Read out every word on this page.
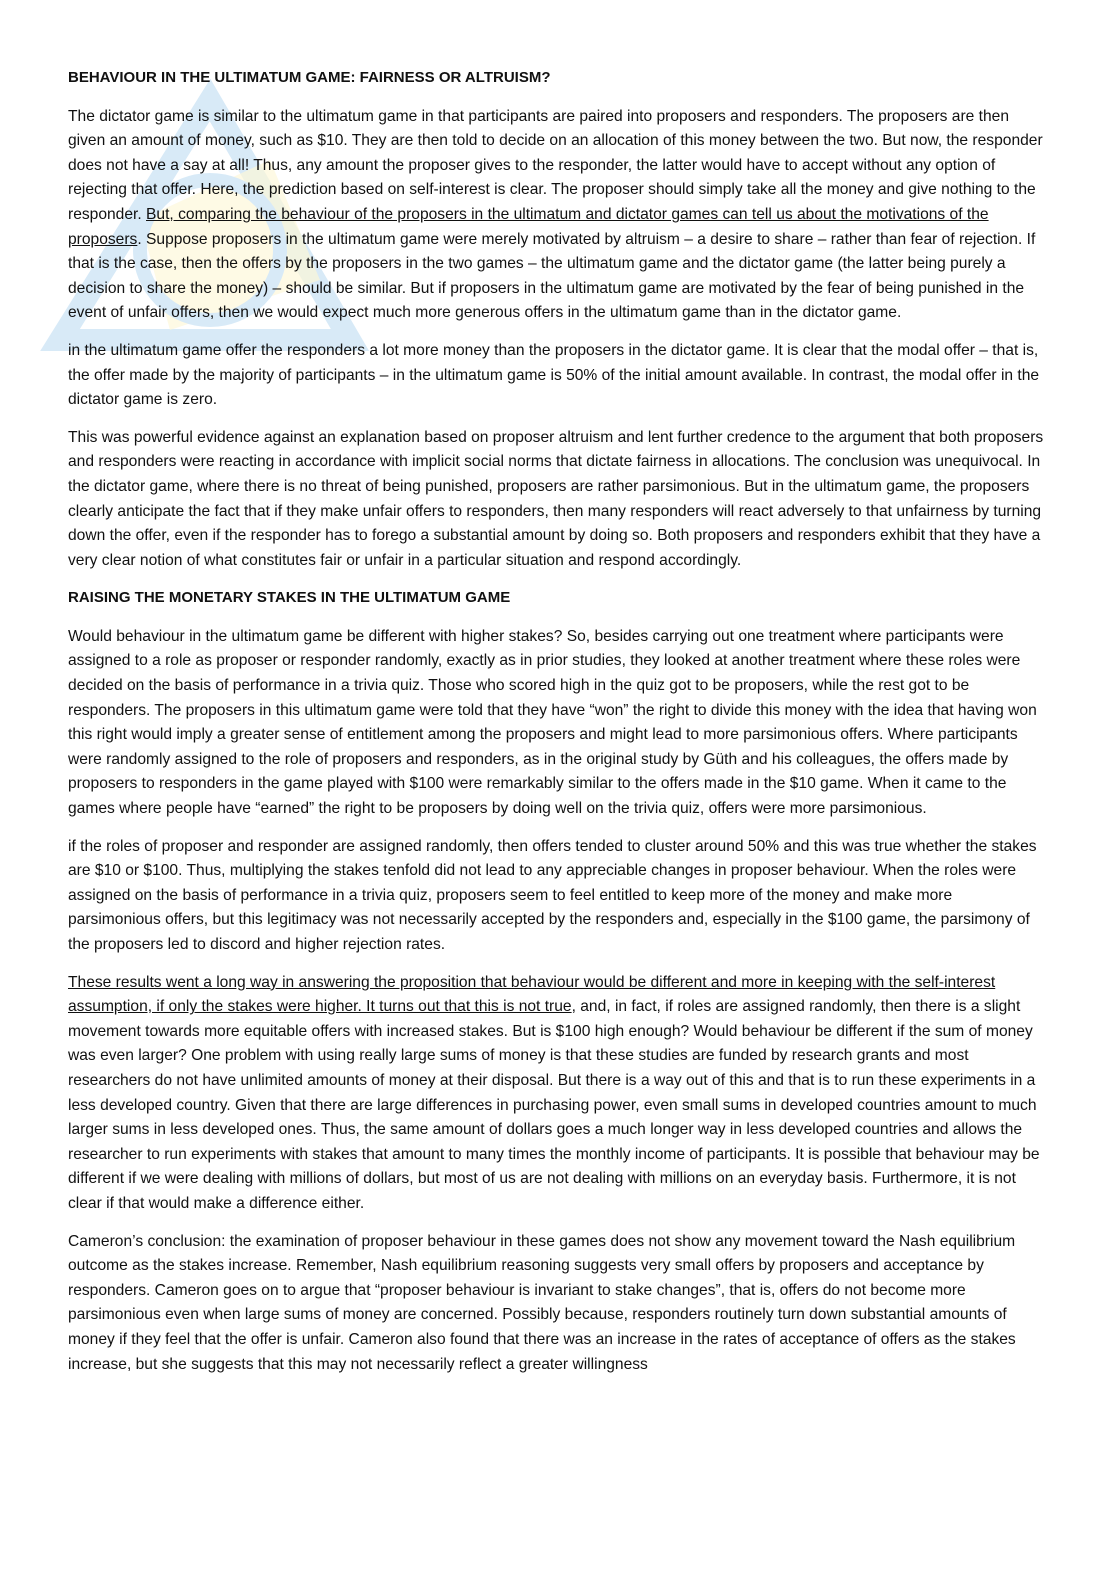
BEHAVIOUR IN THE ULTIMATUM GAME: FAIRNESS OR ALTRUISM?

The dictator game is similar to the ultimatum game in that participants are paired into proposers and responders. The proposers are then given an amount of money, such as $10. They are then told to decide on an allocation of this money between the two. But now, the responder does not have a say at all! Thus, any amount the proposer gives to the responder, the latter would have to accept without any option of rejecting that offer. Here, the prediction based on self-interest is clear. The proposer should simply take all the money and give nothing to the responder. But, comparing the behaviour of the proposers in the ultimatum and dictator games can tell us about the motivations of the proposers. Suppose proposers in the ultimatum game were merely motivated by altruism – a desire to share – rather than fear of rejection. If that is the case, then the offers by the proposers in the two games – the ultimatum game and the dictator game (the latter being purely a decision to share the money) – should be similar. But if proposers in the ultimatum game are motivated by the fear of being punished in the event of unfair offers, then we would expect much more generous offers in the ultimatum game than in the dictator game.

in the ultimatum game offer the responders a lot more money than the proposers in the dictator game. It is clear that the modal offer – that is, the offer made by the majority of participants – in the ultimatum game is 50% of the initial amount available. In contrast, the modal offer in the dictator game is zero.

This was powerful evidence against an explanation based on proposer altruism and lent further credence to the argument that both proposers and responders were reacting in accordance with implicit social norms that dictate fairness in allocations. The conclusion was unequivocal. In the dictator game, where there is no threat of being punished, proposers are rather parsimonious. But in the ultimatum game, the proposers clearly anticipate the fact that if they make unfair offers to responders, then many responders will react adversely to that unfairness by turning down the offer, even if the responder has to forego a substantial amount by doing so. Both proposers and responders exhibit that they have a very clear notion of what constitutes fair or unfair in a particular situation and respond accordingly.

RAISING THE MONETARY STAKES IN THE ULTIMATUM GAME

Would behaviour in the ultimatum game be different with higher stakes? So, besides carrying out one treatment where participants were assigned to a role as proposer or responder randomly, exactly as in prior studies, they looked at another treatment where these roles were decided on the basis of performance in a trivia quiz. Those who scored high in the quiz got to be proposers, while the rest got to be responders. The proposers in this ultimatum game were told that they have “won” the right to divide this money with the idea that having won this right would imply a greater sense of entitlement among the proposers and might lead to more parsimonious offers. Where participants were randomly assigned to the role of proposers and responders, as in the original study by Güth and his colleagues, the offers made by proposers to responders in the game played with $100 were remarkably similar to the offers made in the $10 game. When it came to the games where people have “earned” the right to be proposers by doing well on the trivia quiz, offers were more parsimonious.

if the roles of proposer and responder are assigned randomly, then offers tended to cluster around 50% and this was true whether the stakes are $10 or $100. Thus, multiplying the stakes tenfold did not lead to any appreciable changes in proposer behaviour. When the roles were assigned on the basis of performance in a trivia quiz, proposers seem to feel entitled to keep more of the money and make more parsimonious offers, but this legitimacy was not necessarily accepted by the responders and, especially in the $100 game, the parsimony of the proposers led to discord and higher rejection rates.

These results went a long way in answering the proposition that behaviour would be different and more in keeping with the self-interest assumption, if only the stakes were higher. It turns out that this is not true, and, in fact, if roles are assigned randomly, then there is a slight movement towards more equitable offers with increased stakes. But is $100 high enough? Would behaviour be different if the sum of money was even larger? One problem with using really large sums of money is that these studies are funded by research grants and most researchers do not have unlimited amounts of money at their disposal. But there is a way out of this and that is to run these experiments in a less developed country. Given that there are large differences in purchasing power, even small sums in developed countries amount to much larger sums in less developed ones. Thus, the same amount of dollars goes a much longer way in less developed countries and allows the researcher to run experiments with stakes that amount to many times the monthly income of participants. It is possible that behaviour may be different if we were dealing with millions of dollars, but most of us are not dealing with millions on an everyday basis. Furthermore, it is not clear if that would make a difference either.

Cameron’s conclusion: the examination of proposer behaviour in these games does not show any movement toward the Nash equilibrium outcome as the stakes increase. Remember, Nash equilibrium reasoning suggests very small offers by proposers and acceptance by responders. Cameron goes on to argue that “proposer behaviour is invariant to stake changes”, that is, offers do not become more parsimonious even when large sums of money are concerned. Possibly because, responders routinely turn down substantial amounts of money if they feel that the offer is unfair. Cameron also found that there was an increase in the rates of acceptance of offers as the stakes increase, but she suggests that this may not necessarily reflect a greater willingness
